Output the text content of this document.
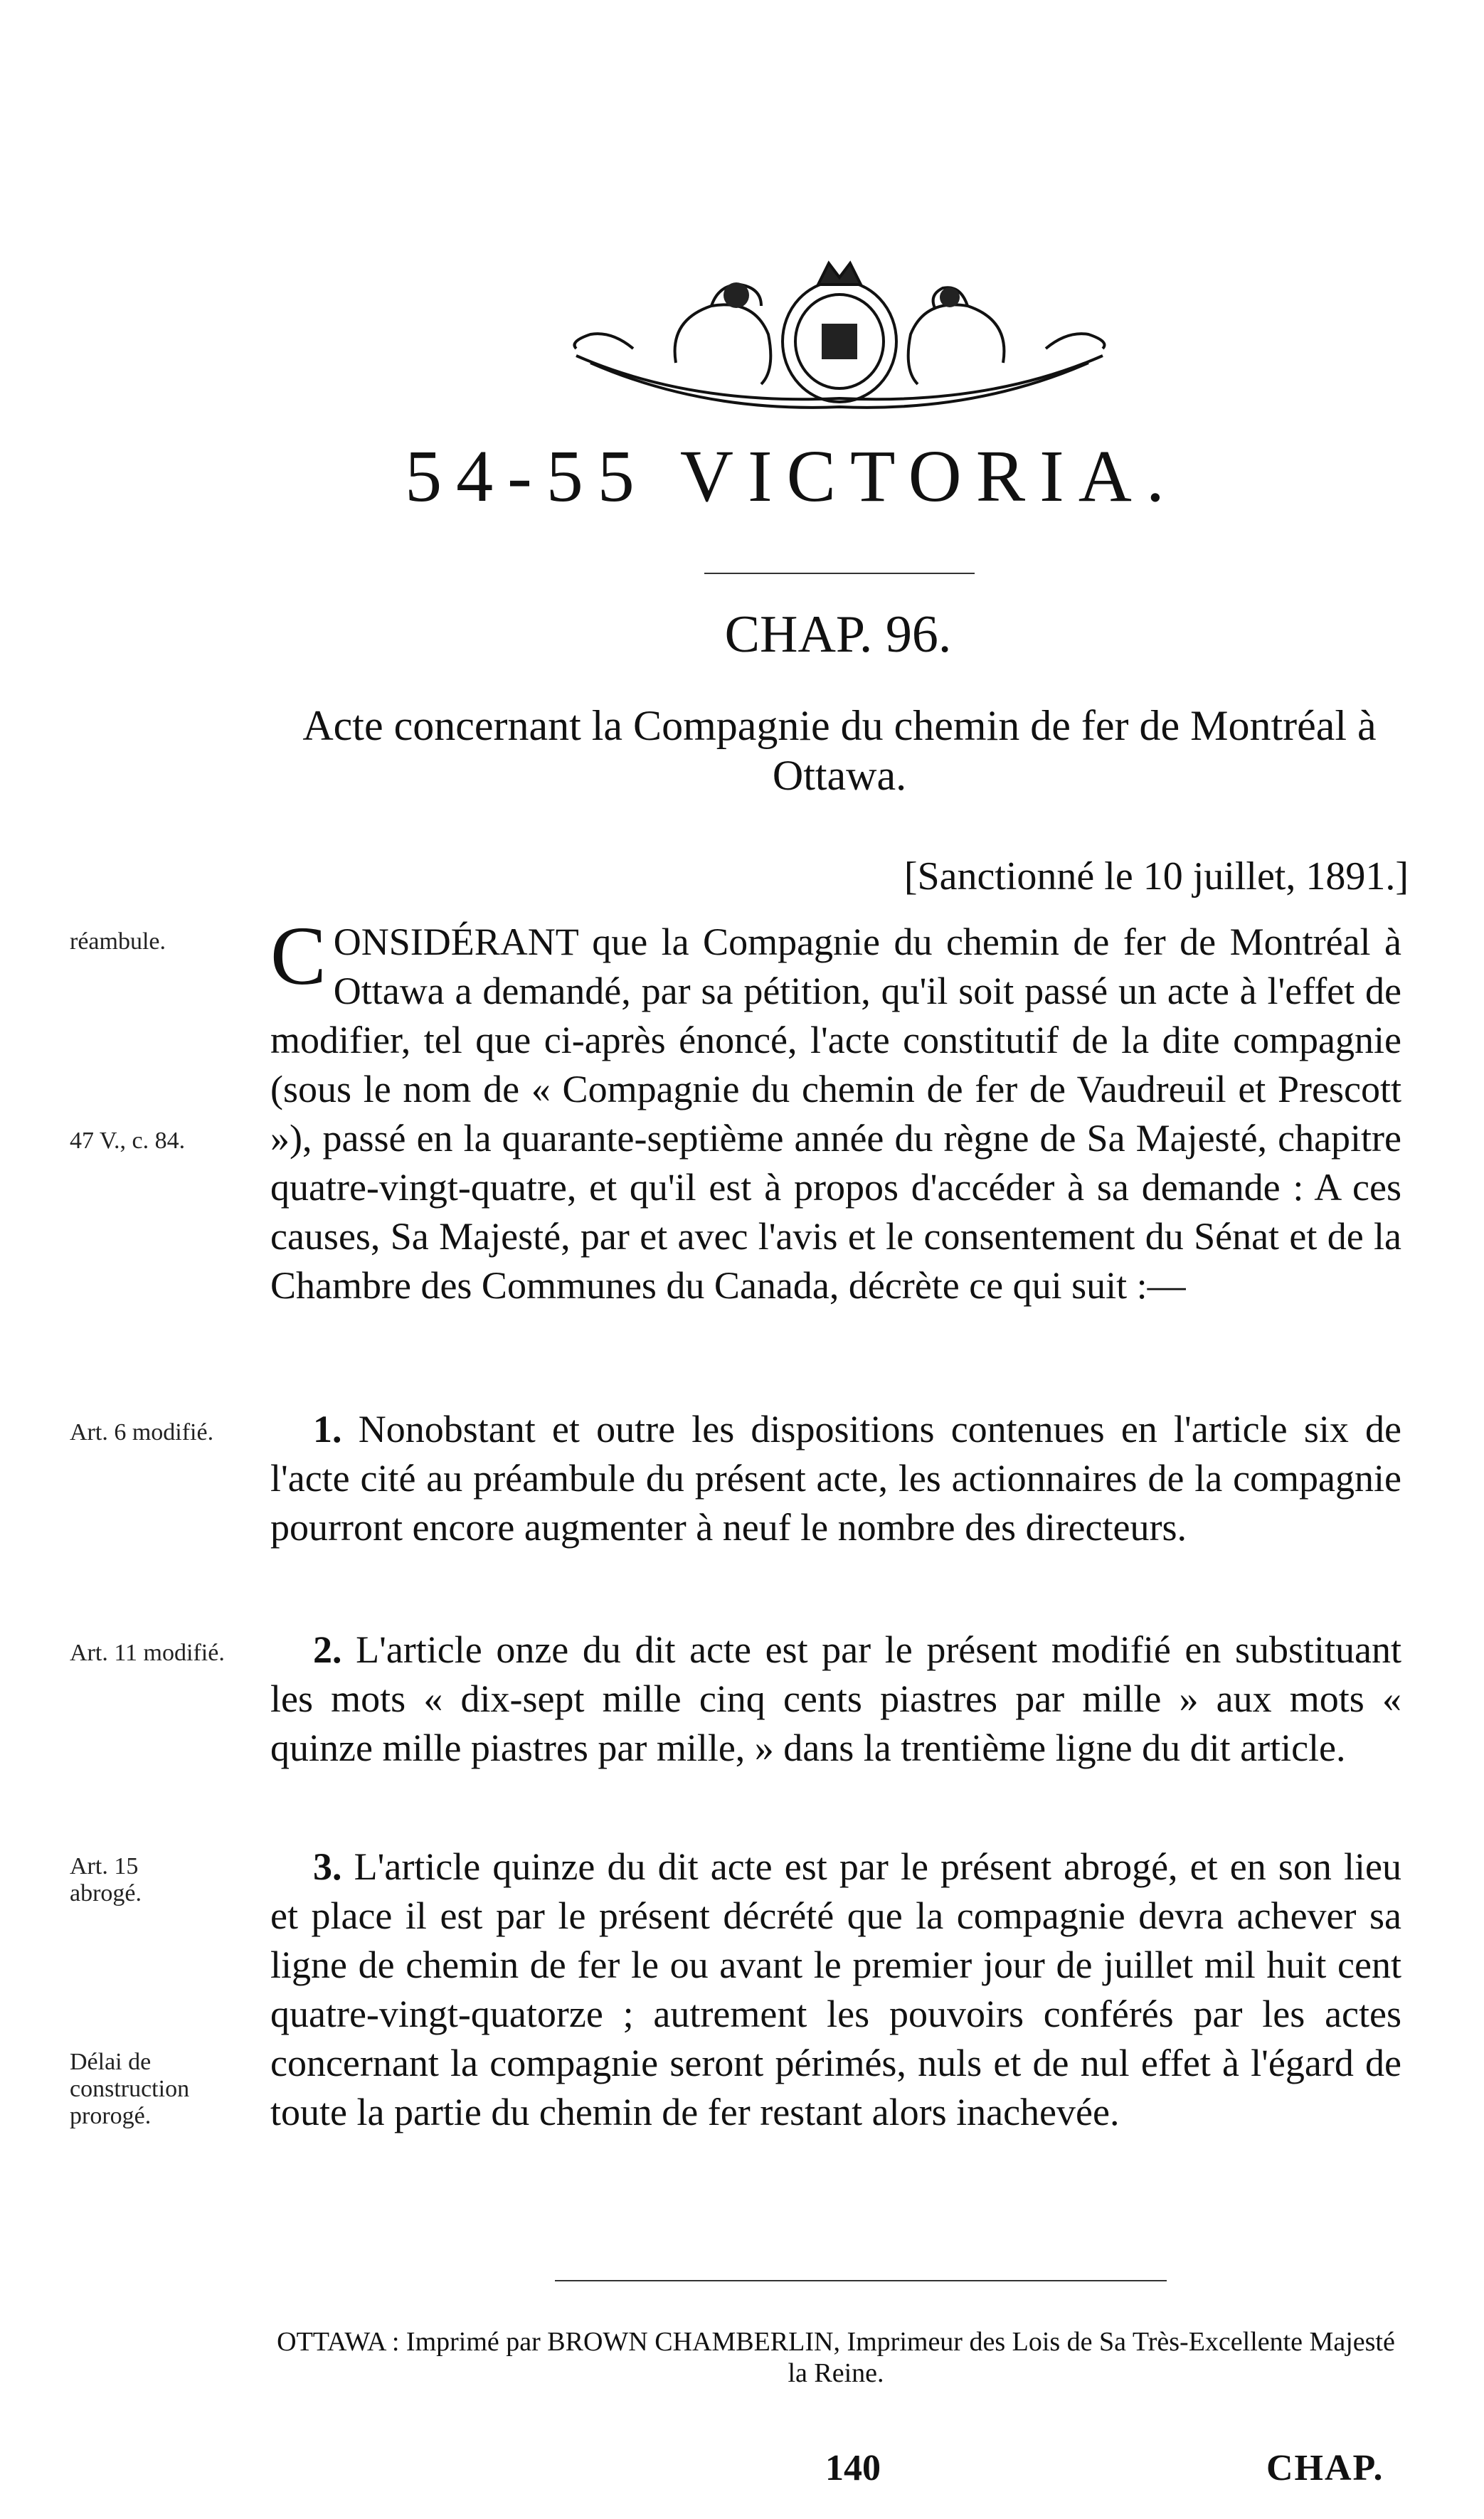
54-55 VICTORIA.
CHAP. 96.
Acte concernant la Compagnie du chemin de fer de Montréal à Ottawa.
[Sanctionné le 10 juillet, 1891.]
réambule.
47 V., c. 84.
Art. 6 modifié.
Art. 11 modifié.
Art. 15 abrogé.
Délai de construction prorogé.

CONSIDÉRANT que la Compagnie du chemin de fer de Montréal à Ottawa a demandé, par sa pétition, qu'il soit passé un acte à l'effet de modifier, tel que ci-après énoncé, l'acte constitutif de la dite compagnie (sous le nom de « Compagnie du chemin de fer de Vaudreuil et Prescott »), passé en la quarante-septième année du règne de Sa Majesté, chapitre quatre-vingt-quatre, et qu'il est à propos d'accéder à sa demande : A ces causes, Sa Majesté, par et avec l'avis et le consentement du Sénat et de la Chambre des Communes du Canada, décrète ce qui suit :—

1. Nonobstant et outre les dispositions contenues en l'article six de l'acte cité au préambule du présent acte, les actionnaires de la compagnie pourront encore augmenter à neuf le nombre des directeurs.

2. L'article onze du dit acte est par le présent modifié en substituant les mots « dix-sept mille cinq cents piastres par mille » aux mots « quinze mille piastres par mille, » dans la trentième ligne du dit article.

3. L'article quinze du dit acte est par le présent abrogé, et en son lieu et place il est par le présent décrété que la compagnie devra achever sa ligne de chemin de fer le ou avant le premier jour de juillet mil huit cent quatre-vingt-quatorze ; autrement les pouvoirs conférés par les actes concernant la compagnie seront périmés, nuls et de nul effet à l'égard de toute la partie du chemin de fer restant alors inachevée.

OTTAWA : Imprimé par BROWN CHAMBERLIN, Imprimeur des Lois de Sa Très-Excellente Majesté la Reine.
140	CHAP.
